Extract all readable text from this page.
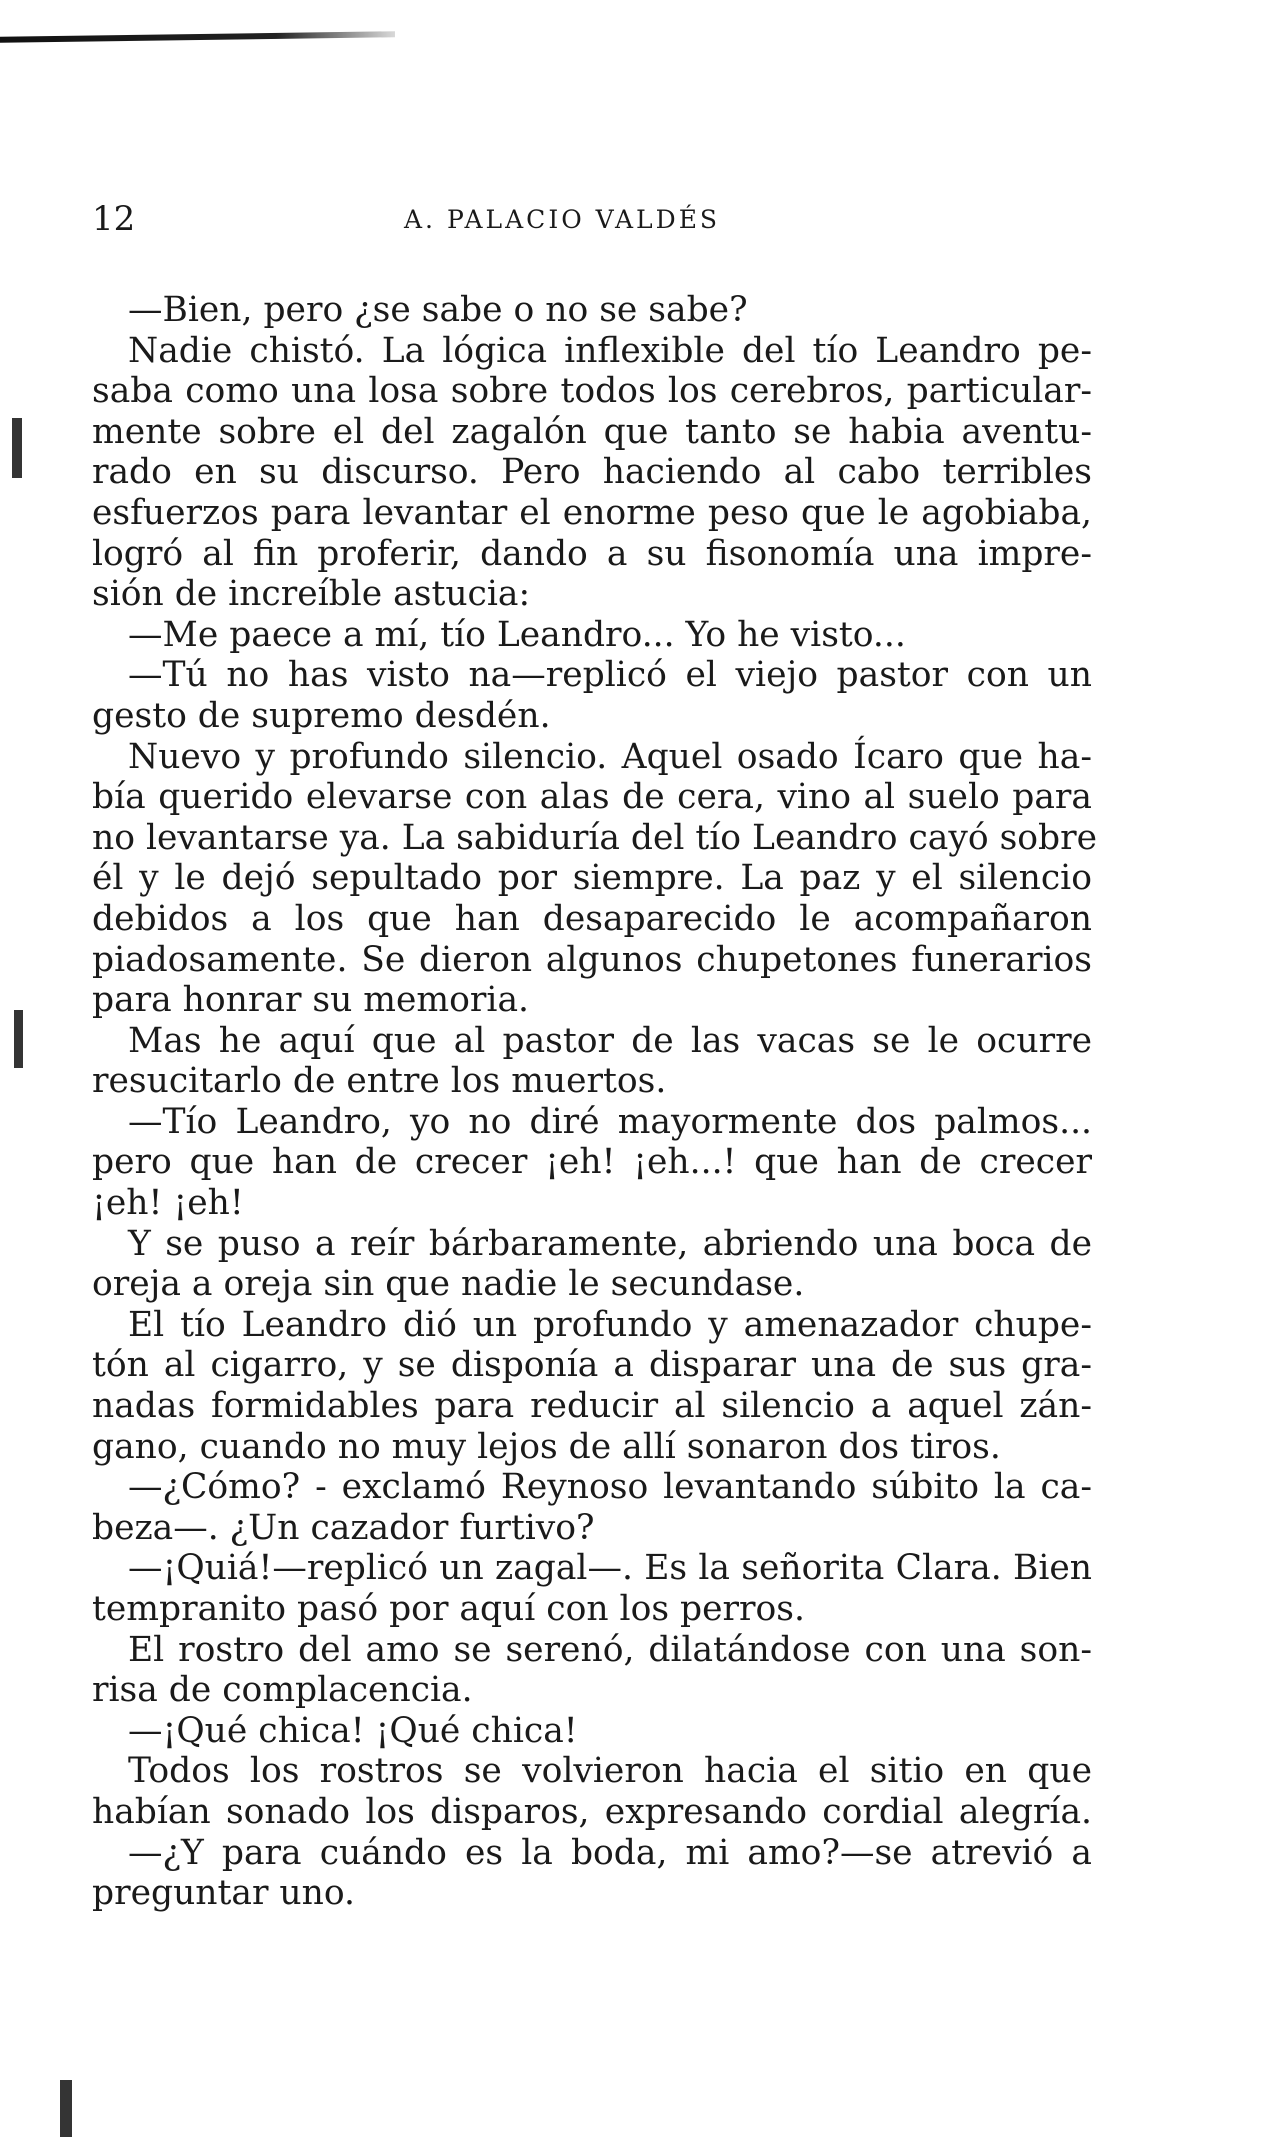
12	A. PALACIO VALDÉS
—Bien, pero ¿se sabe o no se sabe?
Nadie chistó. La lógica inflexible del tío Leandro pe-
saba como una losa sobre todos los cerebros, particular-
mente sobre el del zagalón que tanto se habia aventu-
rado en su discurso. Pero haciendo al cabo terribles
esfuerzos para levantar el enorme peso que le agobiaba,
logró al fin proferir, dando a su fisonomía una impre-
sión de increíble astucia:
—Me paece a mí, tío Leandro... Yo he visto...
—Tú no has visto na—replicó el viejo pastor con un
gesto de supremo desdén.
Nuevo y profundo silencio. Aquel osado Ícaro que ha-
bía querido elevarse con alas de cera, vino al suelo para
no levantarse ya. La sabiduría del tío Leandro cayó sobre
él y le dejó sepultado por siempre. La paz y el silencio
debidos a los que han desaparecido le acompañaron
piadosamente. Se dieron algunos chupetones funerarios
para honrar su memoria.
Mas he aquí que al pastor de las vacas se le ocurre
resucitarlo de entre los muertos.
—Tío Leandro, yo no diré mayormente dos palmos...
pero que han de crecer ¡eh! ¡eh...! que han de crecer
¡eh! ¡eh!
Y se puso a reír bárbaramente, abriendo una boca de
oreja a oreja sin que nadie le secundase.
El tío Leandro dió un profundo y amenazador chupe-
tón al cigarro, y se disponía a disparar una de sus gra-
nadas formidables para reducir al silencio a aquel zán-
gano, cuando no muy lejos de allí sonaron dos tiros.
—¿Cómo? - exclamó Reynoso levantando súbito la ca-
beza—. ¿Un cazador furtivo?
—¡Quiá!—replicó un zagal—. Es la señorita Clara. Bien
tempranito pasó por aquí con los perros.
El rostro del amo se serenó, dilatándose con una son-
risa de complacencia.
—¡Qué chica! ¡Qué chica!
Todos los rostros se volvieron hacia el sitio en que
habían sonado los disparos, expresando cordial alegría.
—¿Y para cuándo es la boda, mi amo?—se atrevió a
preguntar uno.
